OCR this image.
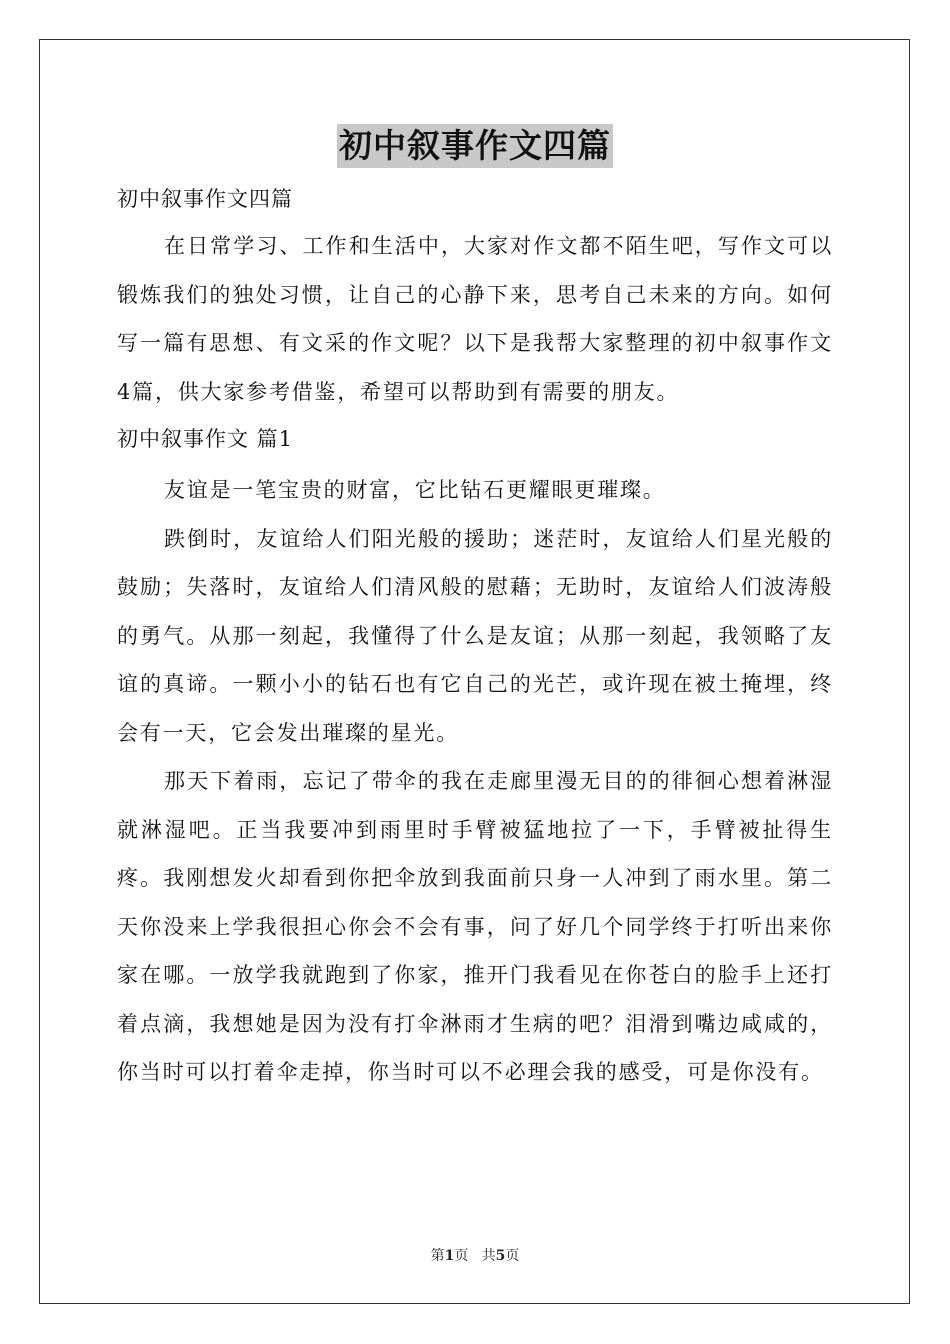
初中叙事作文四篇

初中叙事作文四篇

在日常学习、工作和生活中，大家对作文都不陌生吧，写作文可以锻炼我们的独处习惯，让自己的心静下来，思考自己未来的方向。如何写一篇有思想、有文采的作文呢？以下是我帮大家整理的初中叙事作文4篇，供大家参考借鉴，希望可以帮助到有需要的朋友。

初中叙事作文 篇1

友谊是一笔宝贵的财富，它比钻石更耀眼更璀璨。

跌倒时，友谊给人们阳光般的援助；迷茫时，友谊给人们星光般的鼓励；失落时，友谊给人们清风般的慰藉；无助时，友谊给人们波涛般的勇气。从那一刻起，我懂得了什么是友谊；从那一刻起，我领略了友谊的真谛。一颗小小的钻石也有它自己的光芒，或许现在被土掩埋，终会有一天，它会发出璀璨的星光。

那天下着雨，忘记了带伞的我在走廊里漫无目的的徘徊心想着淋湿就淋湿吧。正当我要冲到雨里时手臂被猛地拉了一下，手臂被扯得生疼。我刚想发火却看到你把伞放到我面前只身一人冲到了雨水里。第二天你没来上学我很担心你会不会有事，问了好几个同学终于打听出来你家在哪。一放学我就跑到了你家，推开门我看见在你苍白的脸手上还打着点滴，我想她是因为没有打伞淋雨才生病的吧？泪滑到嘴边咸咸的，你当时可以打着伞走掉，你当时可以不必理会我的感受，可是你没有。

第1页 共5页
